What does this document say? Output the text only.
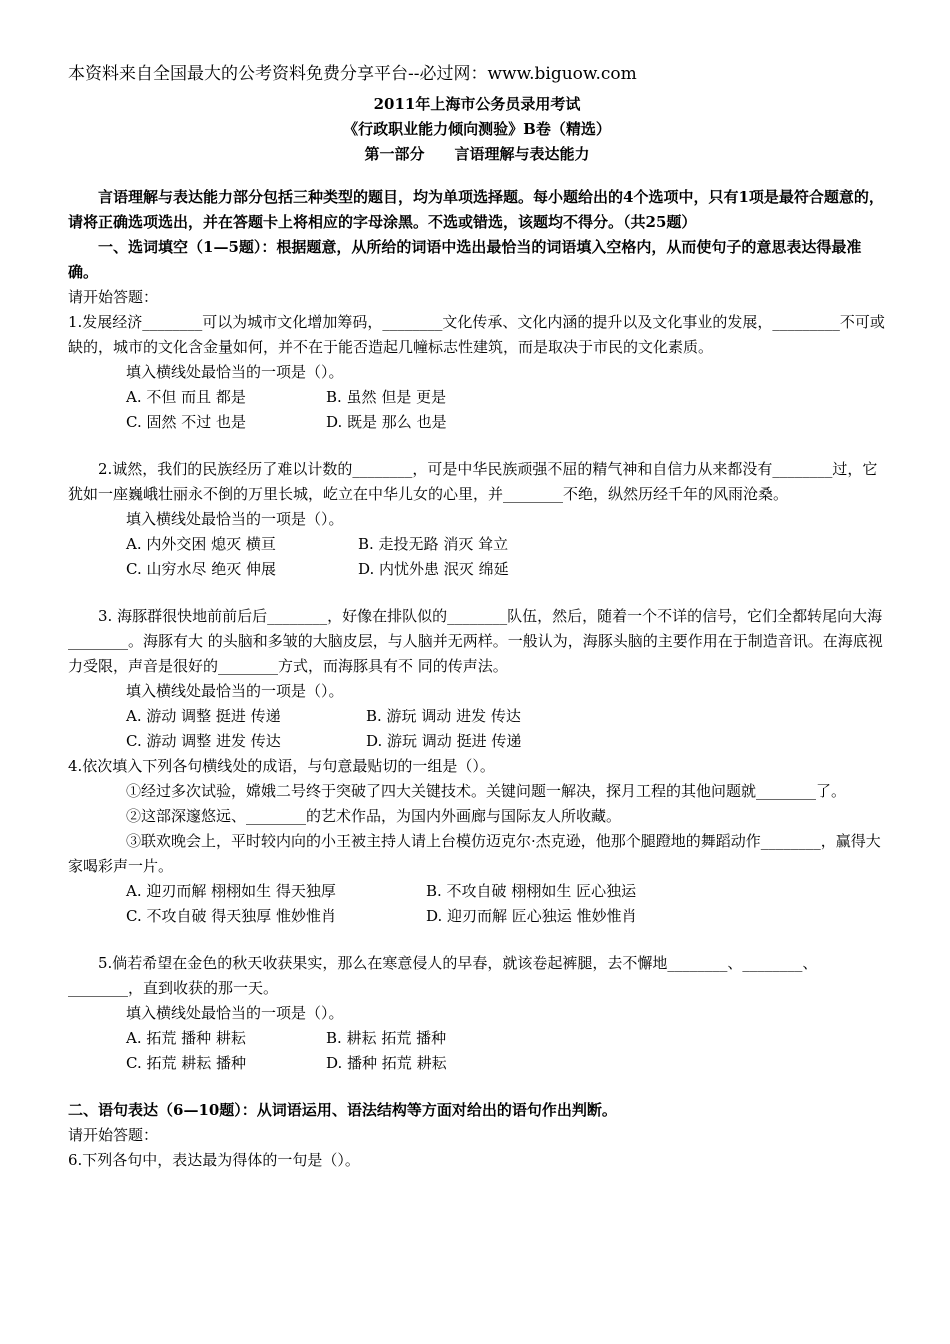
本资料来自全国最大的公考资料免费分享平台--必过网：www.biguow.com
2011年上海市公务员录用考试
《行政职业能力倾向测验》B卷（精选）
第一部分　　言语理解与表达能力
言语理解与表达能力部分包括三种类型的题目，均为单项选择题。每小题给出的4个选项中，只有1项是最符合题意的，请将正确选项选出，并在答题卡上将相应的字母涂黑。不选或错选，该题均不得分。（共25题）
一、选词填空（1—5题）：根据题意，从所给的词语中选出最恰当的词语填入空格内，从而使句子的意思表达得最准确。
请开始答题：
1.发展经济________可以为城市文化增加筹码，________文化传承、文化内涵的提升以及文化事业的发展，_________不可或缺的，城市的文化含金量如何，并不在于能否造起几幢标志性建筑，而是取决于市民的文化素质。
填入横线处最恰当的一项是（）。
A. 不但 而且 都是	B. 虽然 但是 更是
C. 固然 不过 也是	D. 既是 那么 也是
2.诚然，我们的民族经历了难以计数的________，可是中华民族顽强不屈的精气神和自信力从来都没有________过，它犹如一座巍峨壮丽永不倒的万里长城，屹立在中华儿女的心里，并________不绝，纵然历经千年的风雨沧桑。
填入横线处最恰当的一项是（）。
A. 内外交困 熄灭 横亘	B. 走投无路 消灭 耸立
C. 山穷水尽 绝灭 伸展	D. 内忧外患 泯灭 绵延
3. 海豚群很快地前前后后________，好像在排队似的________队伍，然后，随着一个不详的信号，它们全都转尾向大海________。海豚有大 的头脑和多皱的大脑皮层，与人脑并无两样。一般认为，海豚头脑的主要作用在于制造音讯。在海底视力受限，声音是很好的________方式，而海豚具有不 同的传声法。
填入横线处最恰当的一项是（）。
A. 游动 调整 挺进 传递	B. 游玩 调动 进发 传达
C. 游动 调整 进发 传达	D. 游玩 调动 挺进 传递
4.依次填入下列各句横线处的成语，与句意最贴切的一组是（）。
①经过多次试验，嫦娥二号终于突破了四大关键技术。关键问题一解决，探月工程的其他问题就________了。
②这部深邃悠远、________的艺术作品，为国内外画廊与国际友人所收藏。
③联欢晚会上，平时较内向的小王被主持人请上台模仿迈克尔·杰克逊，他那个腿蹬地的舞蹈动作________，赢得大家喝彩声一片。
A. 迎刃而解 栩栩如生 得天独厚	B. 不攻自破 栩栩如生 匠心独运
C. 不攻自破 得天独厚 惟妙惟肖	D. 迎刃而解 匠心独运 惟妙惟肖
5.倘若希望在金色的秋天收获果实，那么在寒意侵人的早春，就该卷起裤腿，去不懈地________、________、________，直到收获的那一天。
填入横线处最恰当的一项是（）。
A. 拓荒 播种 耕耘	B. 耕耘 拓荒 播种
C. 拓荒 耕耘 播种	D. 播种 拓荒 耕耘
二、语句表达（6—10题）：从词语运用、语法结构等方面对给出的语句作出判断。
请开始答题：
6.下列各句中，表达最为得体的一句是（）。
